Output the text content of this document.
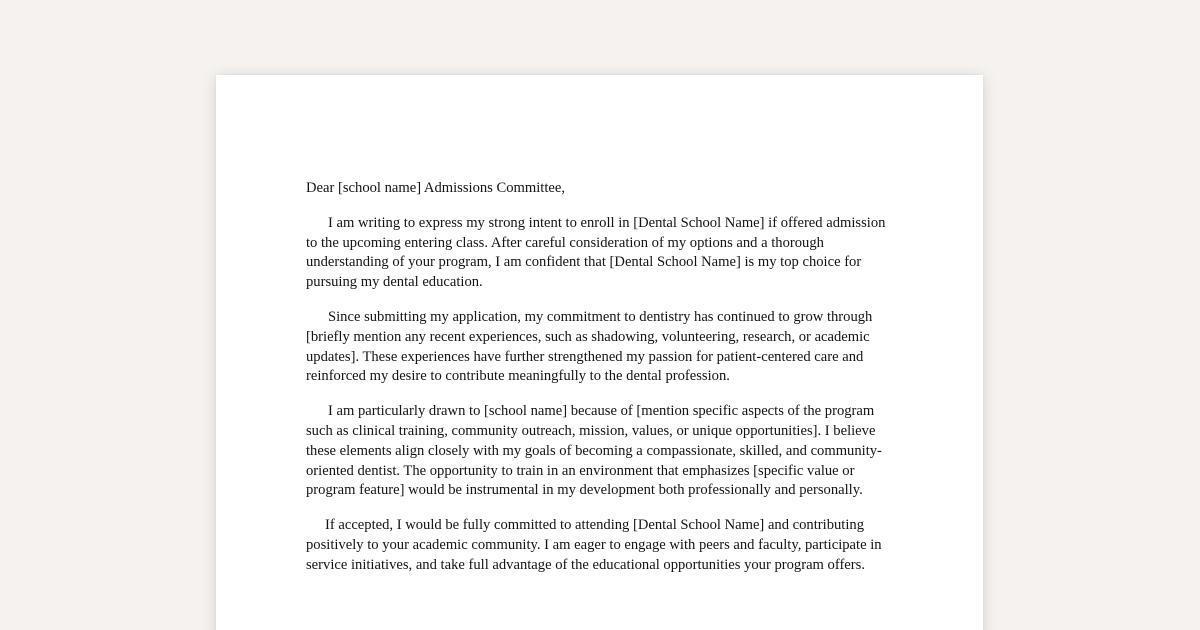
Dear [school name] Admissions Committee,

I am writing to express my strong intent to enroll in [Dental School Name] if offered admission to the upcoming entering class. After careful consideration of my options and a thorough understanding of your program, I am confident that [Dental School Name] is my top choice for pursuing my dental education.

Since submitting my application, my commitment to dentistry has continued to grow through [briefly mention any recent experiences, such as shadowing, volunteering, research, or academic updates]. These experiences have further strengthened my passion for patient-centered care and reinforced my desire to contribute meaningfully to the dental profession.

I am particularly drawn to [school name] because of [mention specific aspects of the program such as clinical training, community outreach, mission, values, or unique opportunities]. I believe these elements align closely with my goals of becoming a compassionate, skilled, and community-oriented dentist. The opportunity to train in an environment that emphasizes [specific value or program feature] would be instrumental in my development both professionally and personally.

If accepted, I would be fully committed to attending [Dental School Name] and contributing positively to your academic community. I am eager to engage with peers and faculty, participate in service initiatives, and take full advantage of the educational opportunities your program offers.
